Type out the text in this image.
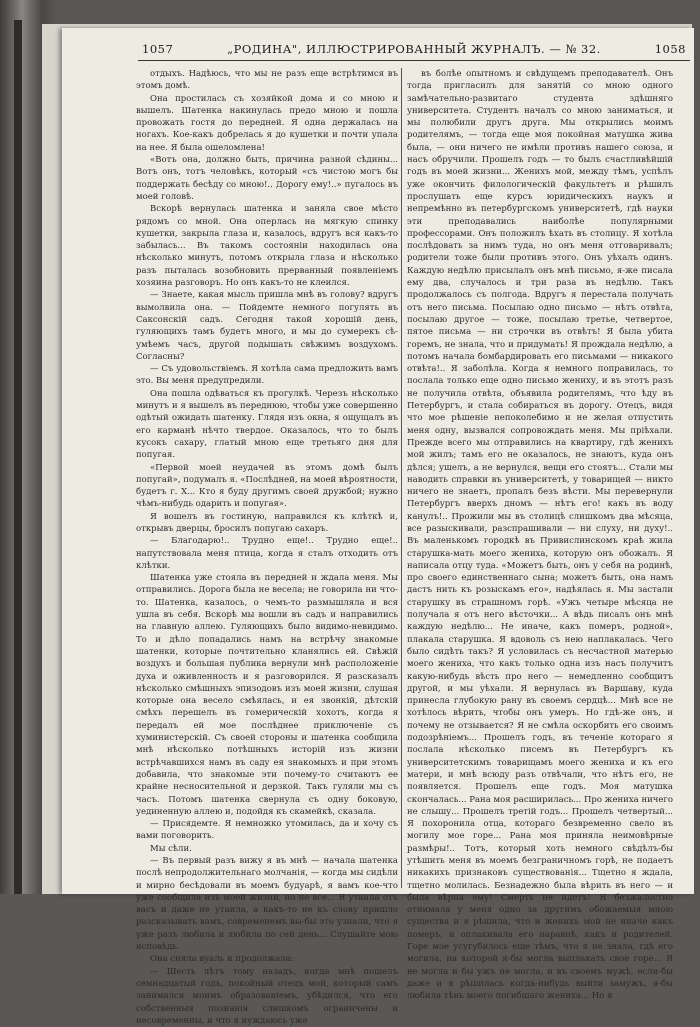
1057	„РОДИНА", ИЛЛЮСТРИРОВАННЫЙ ЖУРНАЛЪ. — № 32.	1058

отдыхъ. Надѣюсь, что мы не разъ еще встрѣтимся въ этомъ домѣ.

Она простилась съ хозяйкой дома и со мною и вышелъ. Шатенка накинулась предо мною и пошла провожать гостя до передней. Я одна держалась на ногахъ. Кое-какъ добрелась я до кушетки и почти упала на нее. Я была ошеломлена!

«Вотъ она, должно быть, причина разной сѣдины... Вотъ онъ, тотъ человѣкъ, который «съ чистою могъ бы поддержать бесѣду со мною!.. Дорогу ему!..» пугалось въ моей головѣ.

Вскорѣ вернулась шатенка и заняла свое мѣсто рядомъ со мной. Она оперлась на мягкую спинку кушетки, закрыла глаза и, казалось, вдругъ вся какъ-то забылась... Въ такомъ состояніи находилась она нѣсколько минутъ, потомъ открыла глаза и нѣсколько разъ пыталась возобновить прерванный появленіемъ хозяина разговоръ. Но онъ какъ-то не клеился.

— Знаете, какая мысль пришла мнѣ въ голову? вдругъ вымолвила она. — Пойдемте немного погулять въ Саксонскій садъ. Сегодня такой хорошій день, гуляющихъ тамъ будетъ много, и мы до сумерекъ сѣумѣемъ часъ, другой подышать свѣжимъ воздухомъ. Согласны?

— Съ удовольствіемъ. Я хотѣла сама предложить вамъ это. Вы меня предупредили.

Она пошла одѣваться къ прогулкѣ. Черезъ нѣсколько минутъ и я вышелъ въ переднюю, чтобы уже совершенно одѣтый ожидать шатенку. Глядя изъ окна, я ощущалъ въ его карманѣ нѣчто твердое. Оказалось, что то былъ кусокъ сахару, глатый мною еще третьяго дня для попугая.

«Первой моей неудачей въ этомъ домѣ былъ попугай», подумалъ я. «Послѣдней, на моей вѣроятности, будетъ г. Х... Кто я буду другимъ своей дружбой; нужно чѣмъ-нибудь одарить и попугая».

Я вошелъ въ гостиную, направился къ клѣткѣ и, открывъ дверцы, бросилъ попугаю сахаръ.

— Благодарю!.. Трудно еще!.. Трудно еще!.. напутствовала меня птица, когда я сталъ отходить отъ клѣтки.

Шатенка уже стояла въ передней и ждала меня. Мы отправились. Дорога была не весела; не говорила ни что-то. Шатенка, казалось, о чемъ-то размышляла и вся ушла въ себя. Вскорѣ мы вошли въ садъ и направились на главную аллею. Гуляющихъ было видимо-невидимо. То и дѣло попадались намъ на встрѣчу знакомые шатенки, которые почтительно кланялись ей. Свѣжій воздухъ и большая публика вернули мнѣ расположеніе духа и оживленность и я разговорился. Я разсказалъ нѣсколько смѣшныхъ эпизодовъ изъ моей жизни, слушая которые она весело смѣялась, и ея звонкій, дѣтскій смѣхъ перешелъ въ гомерическій хохотъ, когда я передалъ ей мое послѣднее приключеніе съ хуминистерскій. Съ своей стороны и шатенка сообщила мнѣ нѣсколько потѣшныхъ исторій изъ жизни встрѣчавшихся намъ въ саду ея знакомыхъ и при этомъ добавила, что знакомые эти почему-то считаютъ ее крайне несносительной и дерзкой. Такъ гуляли мы съ часъ. Потомъ шатенка свернула съ одну боковую, уединенную аллею и, подойдя къ скамейкѣ, сказала.

— Присядемте. Я немножко утомилась, да и хочу съ вами поговорить.

Мы сѣли.

— Въ первый разъ вижу я въ мнѣ — начала шатенка послѣ непродолжительнаго молчанія, — когда мы сидѣли и мирно бесѣдовали въ моемъ будуарѣ, я вамъ кое-что уже сообщила изъ моей жизни, но не все... Я утаила отъ васъ и даже не утаила, а какъ-то не къ слову пришло разсказывать вамъ, современемъ вы-бы это узнали, что я уже разъ любила и любила по сей день... Слушайте мою исповѣдь.

Она сняла вуаль и продолжала:

— Шесть лѣтъ тому назадъ, когда мнѣ пошелъ семнадцатый годъ, покойный отецъ мой, который самъ занимался моимъ образованіемъ, убѣдился, что его собственныя познанія слишкомъ ограничены и несовременны, и что я нуждаюсь уже

въ болѣе опытномъ и свѣдущемъ преподавателѣ. Онъ тогда пригласилъ для занятій со мною одного замѣчательно-развитаго студента здѣшняго университета. Студентъ началъ со мною заниматься, и мы полюбили другъ друга. Мы открылись моимъ родителямъ, — тогда еще моя покойная матушка жива была, — они ничего не имѣли противъ нашего союза, и насъ обручили. Прошелъ годъ — то былъ счастливѣйшій годъ въ моей жизни... Женихъ мой, между тѣмъ, успѣлъ уже окончить филологическій факультетъ и рѣшилъ прослушать еще курсъ юридическихъ наукъ и непремѣнно въ петербургскомъ университетѣ, гдѣ науки эти преподавались наиболѣе популярными профессорами. Онъ положилъ ѣхать въ столицу. Я хотѣла послѣдовать за нимъ туда, но онъ меня отговаривалъ; родители тоже были противъ этого. Онъ уѣхалъ одинъ. Каждую недѣлю присылалъ онъ мнѣ письмо, я-же писала ему два, случалось и три раза въ недѣлю. Такъ продолжалось съ полгода. Вдругъ я перестала получать отъ него письма. Посылаю одно письмо — нѣтъ отвѣта, посылаю другое — тоже, посылаю третье, четвертое, пятое письма — ни строчки въ отвѣтъ! Я была убита горемъ, не знала, что и придумать! Я прождала недѣлю, а потомъ начала бомбардировать его письмами — никакого отвѣта!.. Я заболѣла. Когда я немного поправилась, то послала только еще одно письмо жениху, и въ этотъ разъ не получила отвѣта, объявила родителямъ, что ѣду въ Петербургъ, и стала собираться въ дорогу. Отецъ, видя что мое рѣшеніе непоколебимо и не желая отпустить меня одну, вызвался сопровождать меня. Мы пріѣхали. Прежде всего мы отправились на квартиру, гдѣ женихъ мой жилъ; тамъ его не оказалось, не знаютъ, куда онъ дѣлся; ушелъ, а не вернулся, вещи его стоятъ... Стали мы наводить справки въ университетѣ, у товарищей — никто ничего не знаетъ, пропалъ безъ вѣсти. Мы перевернули Петербургъ вверхъ дномъ — нѣтъ его! какъ въ воду канулъ!.. Прожили мы въ столицѣ слишкомъ два мѣсяца, все разыскивали, разспрашивали — ни слуху, ни духу!.. Въ маленькомъ городкѣ въ Привислинскомъ краѣ жила старушка-мать моего жениха, которую онъ обожалъ. Я написала отцу туда. «Можетъ быть, онъ у себя на родинѣ, про своего единственнаго сына; можетъ быть, она намъ дастъ нить къ розыскамъ его», надѣялась я. Мы застали старушку въ страшномъ горѣ. «Ужъ четыре мѣсяца не получала я отъ него вѣсточки... А вѣдь писалъ онъ мнѣ каждую недѣлю... Не иначе, какъ померъ, родной», плакала старушка. Я вдоволь съ нею наплакалась. Чего было сидѣть такъ? Я условилась съ несчастной матерью моего жениха, что какъ только одна изъ насъ получитъ какую-нибудь вѣсть про него — немедленно сообщитъ другой, и мы уѣхали. Я вернулась въ Варшаву, куда принесла глубокую рану въ своемъ сердцѣ... Мнѣ все не хотѣлось вѣрить, чтобы онъ умеръ. Но гдѣ-же онъ, и почему не отзывается? Я не смѣла оскорбить его своимъ подозрѣніемъ... Прошелъ годъ, въ теченіе котораго я послала нѣсколько писемъ въ Петербургъ къ университетскимъ товарищамъ моего жениха и къ его матери, и мнѣ всюду разъ отвѣчали, что нѣтъ его, не появляется. Прошелъ еще годъ. Моя матушка скончалась... Рана моя расширилась... Про жениха ничего не слышу... Прошелъ третій годъ... Прошелъ четвертый... Я похоронила отца, котораго безвременно свело въ могилу мое горе... Рана моя приняла неимовѣрные размѣры!.. Тотъ, который хоть немного свѣдѣлъ-бы утѣшить меня въ моемъ безграничномъ горѣ, не подаетъ никакихъ признаковъ существованія... Тщетно я ждала, тщетно молилась. Безнадежно была вѣрить въ него — и была вѣрна ему! Смерть не идетъ! Я безжалостно отнимала у меня одно за другимъ обожаемыя мною существа и я рѣшила, что и женихъ мой не иначе какъ померъ, и оплакивала его наравнѣ, какъ и родителей. Горе мое усугубилось еще тѣмъ, что я не знала, гдѣ его могила, на которой я-бы могла выплакать свое горе... Я не могла и бы ужъ не могла, и въ своемъ мужѣ, если-бы даже и я рѣшилась когда-нибудь выйти замужъ, я-бы любила тѣнь моего погибшаго жениха... Но я
